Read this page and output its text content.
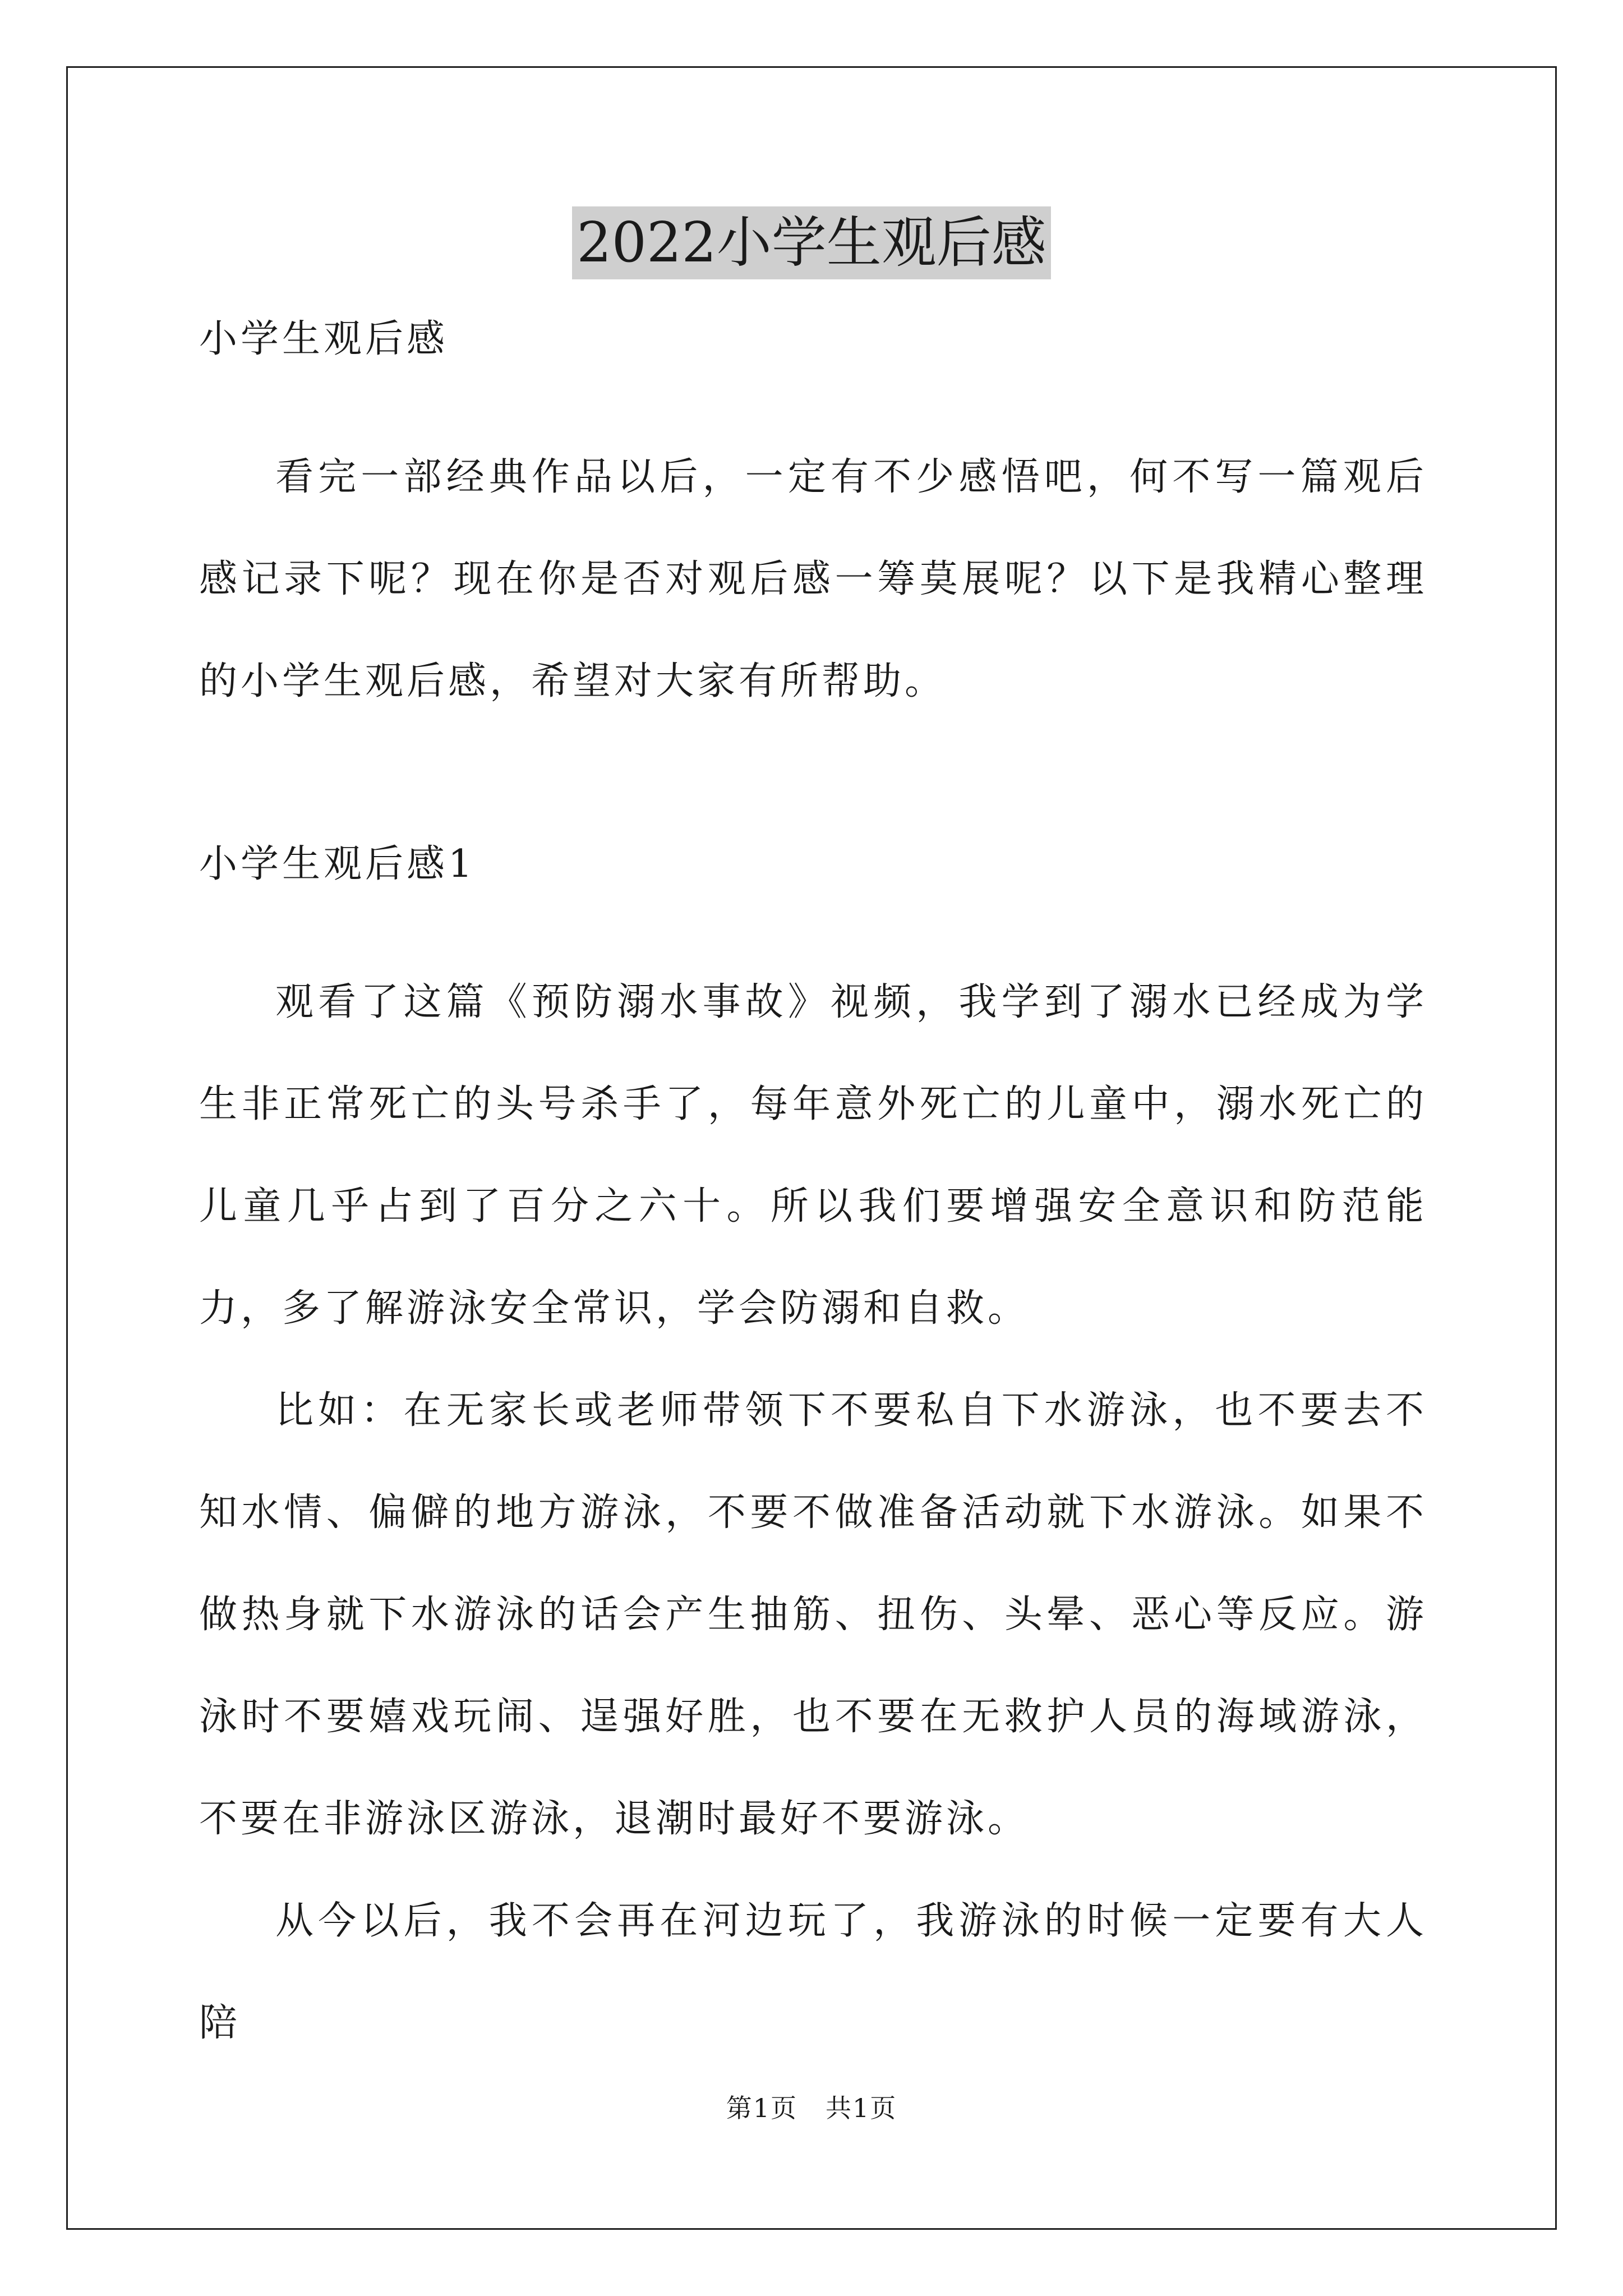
2022小学生观后感

小学生观后感

看完一部经典作品以后，一定有不少感悟吧，何不写一篇观后感记录下呢？现在你是否对观后感一筹莫展呢？以下是我精心整理的小学生观后感，希望对大家有所帮助。

小学生观后感1

观看了这篇《预防溺水事故》视频，我学到了溺水已经成为学生非正常死亡的头号杀手了，每年意外死亡的儿童中，溺水死亡的儿童几乎占到了百分之六十。所以我们要增强安全意识和防范能力，多了解游泳安全常识，学会防溺和自救。

比如：在无家长或老师带领下不要私自下水游泳，也不要去不知水情、偏僻的地方游泳，不要不做准备活动就下水游泳。如果不做热身就下水游泳的话会产生抽筋、扭伤、头晕、恶心等反应。游泳时不要嬉戏玩闹、逞强好胜，也不要在无救护人员的海域游泳，不要在非游泳区游泳，退潮时最好不要游泳。

从今以后，我不会再在河边玩了，我游泳的时候一定要有大人陪

第1页 共1页
